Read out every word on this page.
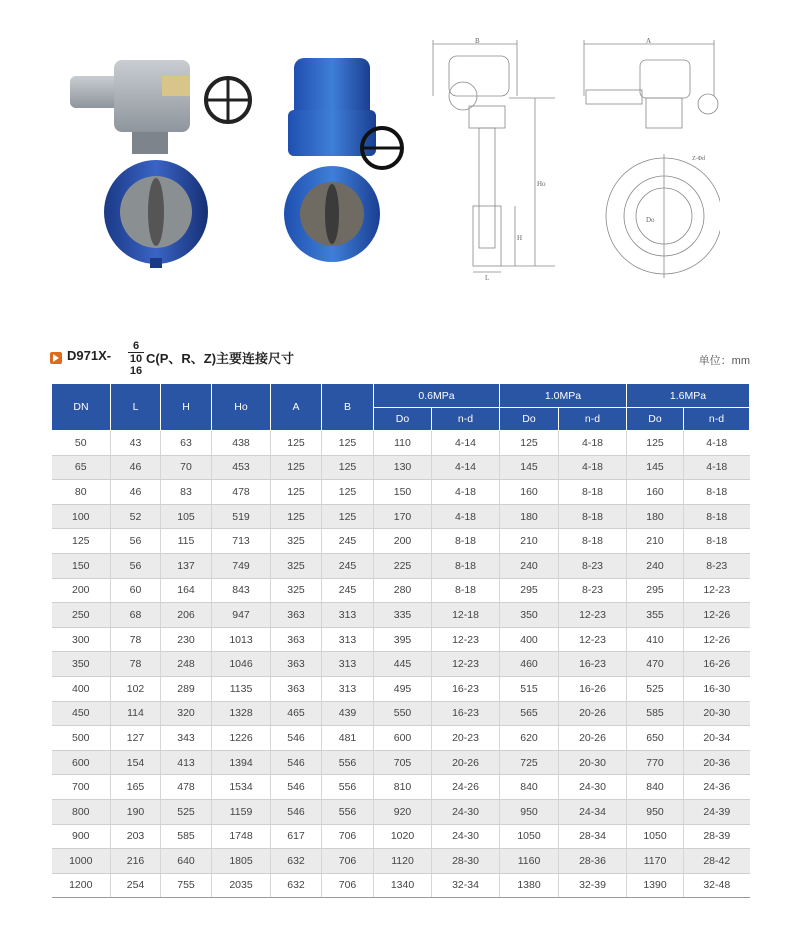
B
Ho
H
L
A
Z-Φd
Do
D971X-
6
10
16
C(P、R、Z)主要连接尺寸	单位：mm
DN	L	H	Ho	A	B	0.6MPa		1.0MPa		1.6MPa	
						Do	n-d	Do	n-d	Do	n-d
50	43	63	438	125	125	110	4-14	125	4-18	125	4-18
65	46	70	453	125	125	130	4-14	145	4-18	145	4-18
80	46	83	478	125	125	150	4-18	160	8-18	160	8-18
100	52	105	519	125	125	170	4-18	180	8-18	180	8-18
125	56	115	713	325	245	200	8-18	210	8-18	210	8-18
150	56	137	749	325	245	225	8-18	240	8-23	240	8-23
200	60	164	843	325	245	280	8-18	295	8-23	295	12-23
250	68	206	947	363	313	335	12-18	350	12-23	355	12-26
300	78	230	1013	363	313	395	12-23	400	12-23	410	12-26
350	78	248	1046	363	313	445	12-23	460	16-23	470	16-26
400	102	289	1135	363	313	495	16-23	515	16-26	525	16-30
450	114	320	1328	465	439	550	16-23	565	20-26	585	20-30
500	127	343	1226	546	481	600	20-23	620	20-26	650	20-34
600	154	413	1394	546	556	705	20-26	725	20-30	770	20-36
700	165	478	1534	546	556	810	24-26	840	24-30	840	24-36
800	190	525	1159	546	556	920	24-30	950	24-34	950	24-39
900	203	585	1748	617	706	1020	24-30	1050	28-34	1050	28-39
1000	216	640	1805	632	706	1120	28-30	1160	28-36	1170	28-42
1200	254	755	2035	632	706	1340	32-34	1380	32-39	1390	32-48
